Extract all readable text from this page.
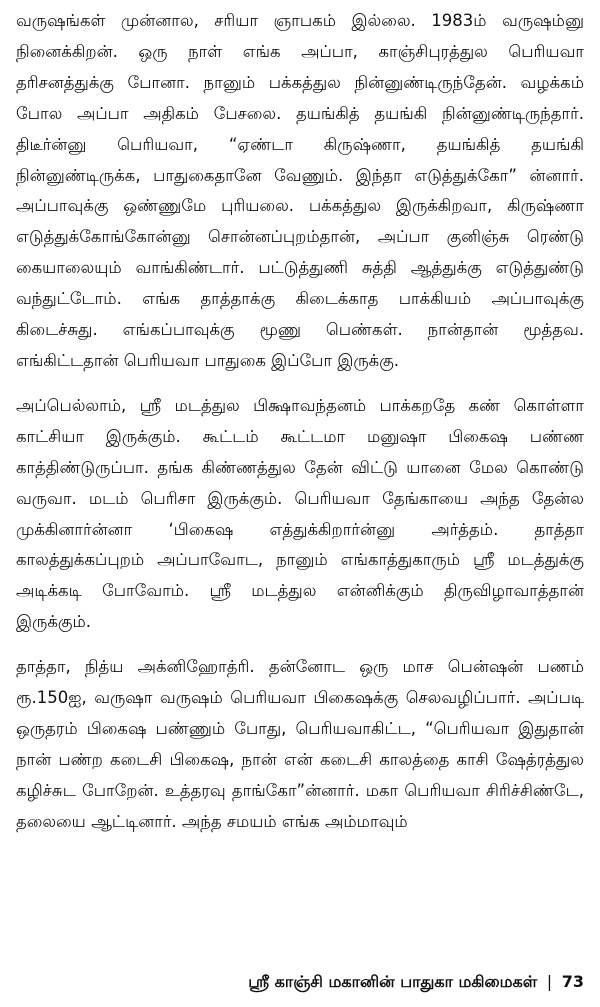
வருஷங்கள் முன்னால, சரியா ஞாபகம் இல்லை. 1983ம் வருஷம்னு நினைக்கிறன். ஒரு நாள் எங்க அப்பா, காஞ்சிபுரத்துல பெரியவா தரிசனத்துக்கு போனா. நானும் பக்கத்துல நின்னுண்டிருந்தேன். வழக்கம் போல அப்பா அதிகம் பேசலை. தயங்கித் தயங்கி நின்னுண்டிருந்தார். திடீர்ன்னு பெரியவா, “ஏண்டா கிருஷ்ணா, தயங்கித் தயங்கி நின்னுண்டிருக்க, பாதுகைதானே வேணும். இந்தா எடுத்துக்கோ” ன்னார். அப்பாவுக்கு ஒண்ணுமே புரியலை. பக்கத்துல இருக்கிறவா, கிருஷ்ணா எடுத்துக்கோங்கோன்னு சொன்னப்புறம்தான், அப்பா குனிஞ்சு ரெண்டு கையாலையும் வாங்கிண்டார். பட்டுத்துணி சுத்தி ஆத்துக்கு எடுத்துண்டு வந்துட்டோம். எங்க தாத்தாக்கு கிடைக்காத பாக்கியம் அப்பாவுக்கு கிடைச்சுது. எங்கப்பாவுக்கு மூணு பெண்கள். நான்தான் மூத்தவ. எங்கிட்டதான் பெரியவா பாதுகை இப்போ இருக்கு.

அப்பெல்லாம், ஸ்ரீ மடத்துல பிக்ஷாவந்தனம் பாக்கறதே கண் கொள்ளா காட்சியா இருக்கும். கூட்டம் கூட்டமா மனுஷா பிகைஷ பண்ண காத்திண்டுருப்பா. தங்க கிண்ணத்துல தேன் விட்டு யானை மேல கொண்டு வருவா. மடம் பெரிசா இருக்கும். பெரியவா தேங்காயை அந்த தேன்ல முக்கினார்ன்னா ‘பிகைஷ எத்துக்கிறார்ன்னு அர்த்தம். தாத்தா காலத்துக்கப்புறம் அப்பாவோட, நானும் எங்காத்துகாரும் ஸ்ரீ மடத்துக்கு அடிக்கடி போவோம். ஸ்ரீ மடத்துல என்னிக்கும் திருவிழாவாத்தான் இருக்கும்.

தாத்தா, நித்ய அக்னிஹோத்ரி. தன்னோட ஒரு மாச பென்ஷன் பணம் ரூ.150ஐ, வருஷா வருஷம் பெரியவா பிகைஷக்கு செலவழிப்பார். அப்படி ஒருதரம் பிகைஷ பண்ணும் போது, பெரியவாகிட்ட, “பெரியவா இதுதான் நான் பண்ற கடைசி பிகைஷ, நான் என் கடைசி காலத்தை காசி ஷேத்ரத்துல கழிச்சுட போறேன். உத்தரவு தாங்கோ”ன்னார். மகா பெரியவா சிரிச்சிண்டே, தலையை ஆட்டினார். அந்த சமயம் எங்க அம்மாவும்

ஸ்ரீ காஞ்சி மகானின் பாதுகா மகிமைகள் | 73
